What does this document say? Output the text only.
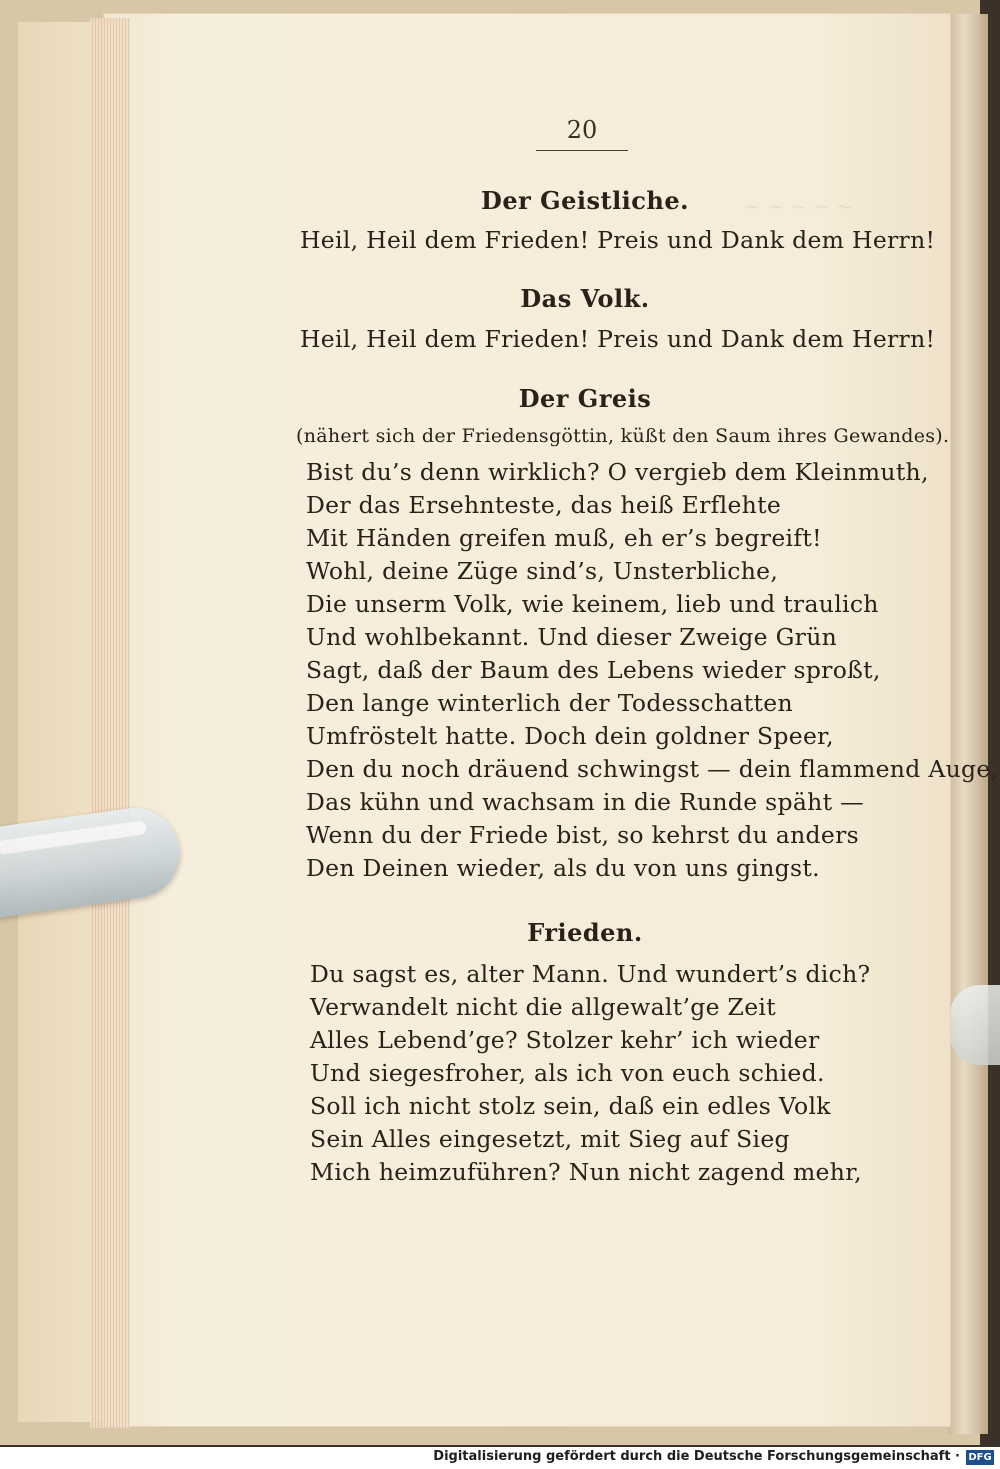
~ ~ ~ ~ ~
20
Der Geistliche.
Heil, Heil dem Frieden! Preis und Dank dem Herrn!
Das Volk.
Heil, Heil dem Frieden! Preis und Dank dem Herrn!
Der Greis
(nähert sich der Friedensgöttin, küßt den Saum ihres Gewandes).
Bist du’s denn wirklich? O vergieb dem Kleinmuth,
Der das Ersehnteste, das heiß Erflehte
Mit Händen greifen muß, eh er’s begreift!
Wohl, deine Züge sind’s, Unsterbliche,
Die unserm Volk, wie keinem, lieb und traulich
Und wohlbekannt. Und dieser Zweige Grün
Sagt, daß der Baum des Lebens wieder sproßt,
Den lange winterlich der Todesschatten
Umfröstelt hatte. Doch dein goldner Speer,
Den du noch dräuend schwingst — dein flammend Auge,
Das kühn und wachsam in die Runde späht —
Wenn du der Friede bist, so kehrst du anders
Den Deinen wieder, als du von uns gingst.
Frieden.
Du sagst es, alter Mann. Und wundert’s dich?
Verwandelt nicht die allgewalt’ge Zeit
Alles Lebend’ge? Stolzer kehr’ ich wieder
Und siegesfroher, als ich von euch schied.
Soll ich nicht stolz sein, daß ein edles Volk
Sein Alles eingesetzt, mit Sieg auf Sieg
Mich heimzuführen? Nun nicht zagend mehr,
Digitalisierung gefördert durch die Deutsche Forschungsgemeinschaft · DFG
